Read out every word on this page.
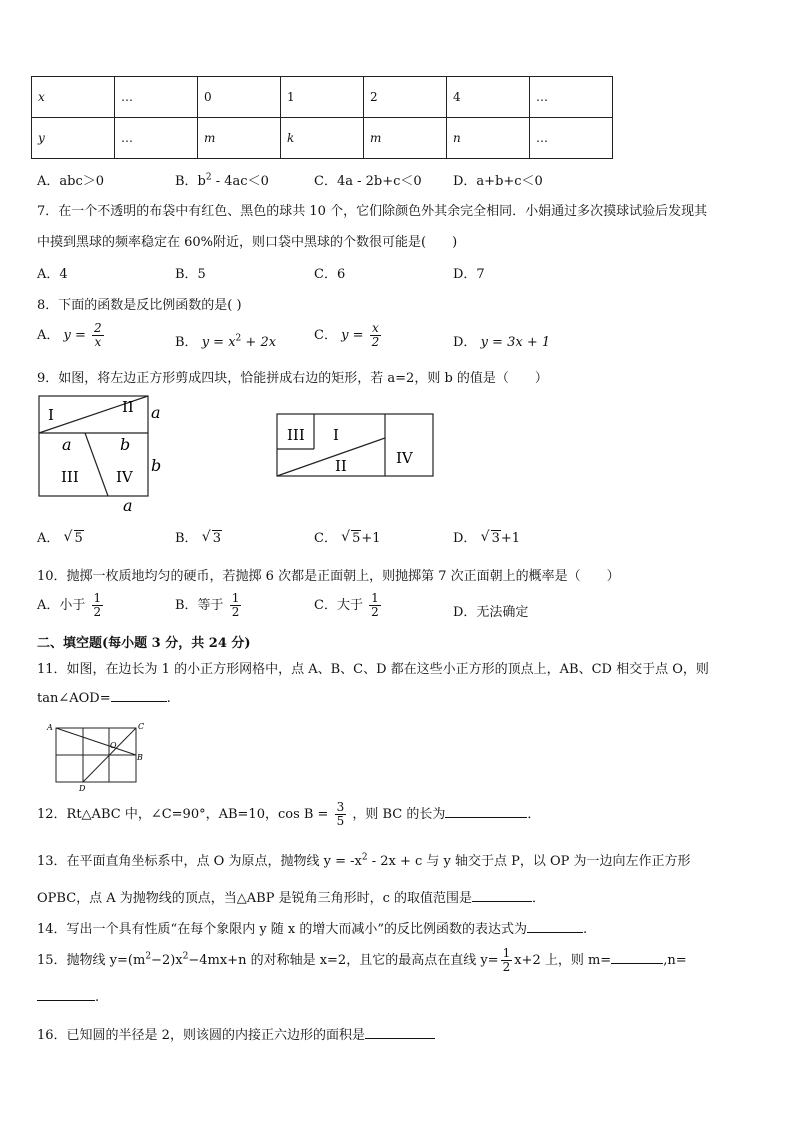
x	…	0	1	2	4	…
y	…	m	k	m	n	…
A．abc＞0	B．$b^2 - 4ac<0$	C．4a - 2b+c＜0 D．a+b+c＜0
7．在一个不透明的布袋中有红色、黑色的球共 10 个，它们除颜色外其余完全相同．小娟通过多次摸球试验后发现其
中摸到黑球的频率稳定在 60%附近，则口袋中黑球的个数很可能是(　　)
A．4	B．5	C．6	D．7
8．下面的函数是反比例函数的是( )
A． $y = \frac{2}{x}$	B． $y = x^2 + 2x$	C． $y = \frac{x}{2}$	D． y = 3x + 1
9．如图，将左边正方形剪成四块，恰能拼成右边的矩形，若 a=2，则 b 的值是（　　）
I	II
III IV
a
b
a	b
a
III I
II	IV
A． √ 5	B． √ 3	C． √ 5+1	D． √ 3+1
10．抛掷一枚质地均匀的硬币，若抛掷 6 次都是正面朝上，则抛掷第 7 次正面朝上的概率是（　　）
A．小于 $\frac{1}{2}$	B．等于 $\frac{1}{2}$	C．大于 $\frac{1}{2}$	D．无法确定
二、填空题(每小题 3 分，共 24 分)
11．如图，在边长为 1 的小正方形网格中，点 A、B、C、D 都在这些小正方形的顶点上，AB、CD 相交于点 O，则
tan∠AOD=	.
A	C
B
D
O
12．Rt△ABC 中，∠C=90°，AB=10，$\cos B = \frac{3}{5}$ ，则 BC 的长为	．
13．在平面直角坐标系中，点 O 为原点，抛物线 $y = -x^2 - 2x + c$ 与 y 轴交于点 P，以 OP 为一边向左作正方形
OPBC，点 A 为抛物线的顶点，当△ABP 是锐角三角形时，c 的取值范围是	．
14．写出一个具有性质“在每个象限内 y 随 x 的增大而减小”的反比例函数的表达式为	.
15．抛物线 $y=(m^2-2)x^2-4mx+n$ 的对称轴是 x=2，且它的最高点在直线 $y= \frac{1}{2} x+2$ 上，则 m=	,n=
.
16．已知圆的半径是 2，则该圆的内接正六边形的面积是
